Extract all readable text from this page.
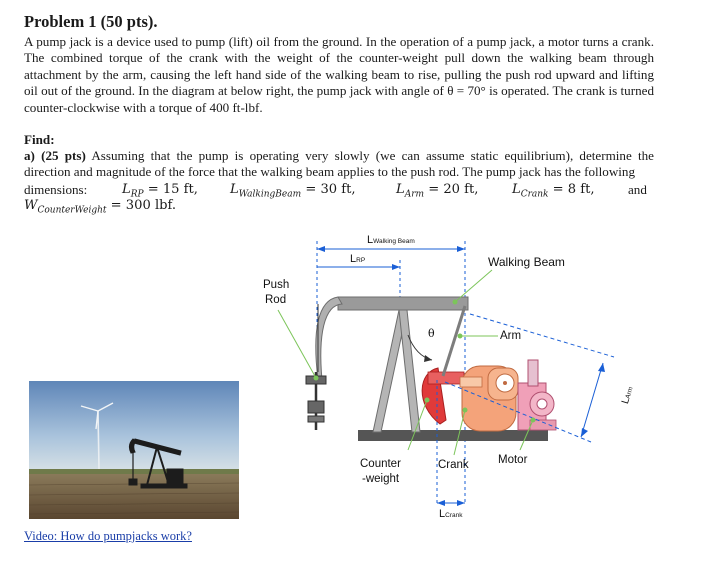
Problem 1 (50 pts).

A pump jack is a device used to pump (lift) oil from the ground. In the operation of a pump jack, a motor turns a crank. The combined torque of the crank with the weight of the counter-weight pull down the walking beam through attachment by the arm, causing the left hand side of the walking beam to rise, pulling the push rod upward and lifting oil out of the ground. In the diagram at below right, the pump jack with angle of θ = 70° is operated. The crank is turned counter-clockwise with a torque of 400 ft-lbf.

Find:

a) (25 pts) Assuming that the pump is operating very slowly (we can assume static equilibrium), determine the direction and magnitude of the force that the walking beam applies to the push rod. The pump jack has the following

dimensions:	$L_{RP} = 15$ ft, $L_{WalkingBeam} = 30$ ft,	$L_{Arm} = 20$ ft,	$L_{Crank} = 8$ ft,	and
$W_{CounterWeight} = 300$ lbf.
LWalking Beam
LRP
Push
Rod
Walking Beam
θ	Arm
LArm
Counter
-weight
Crank	Motor
LCrank
Video: How do pumpjacks work?
